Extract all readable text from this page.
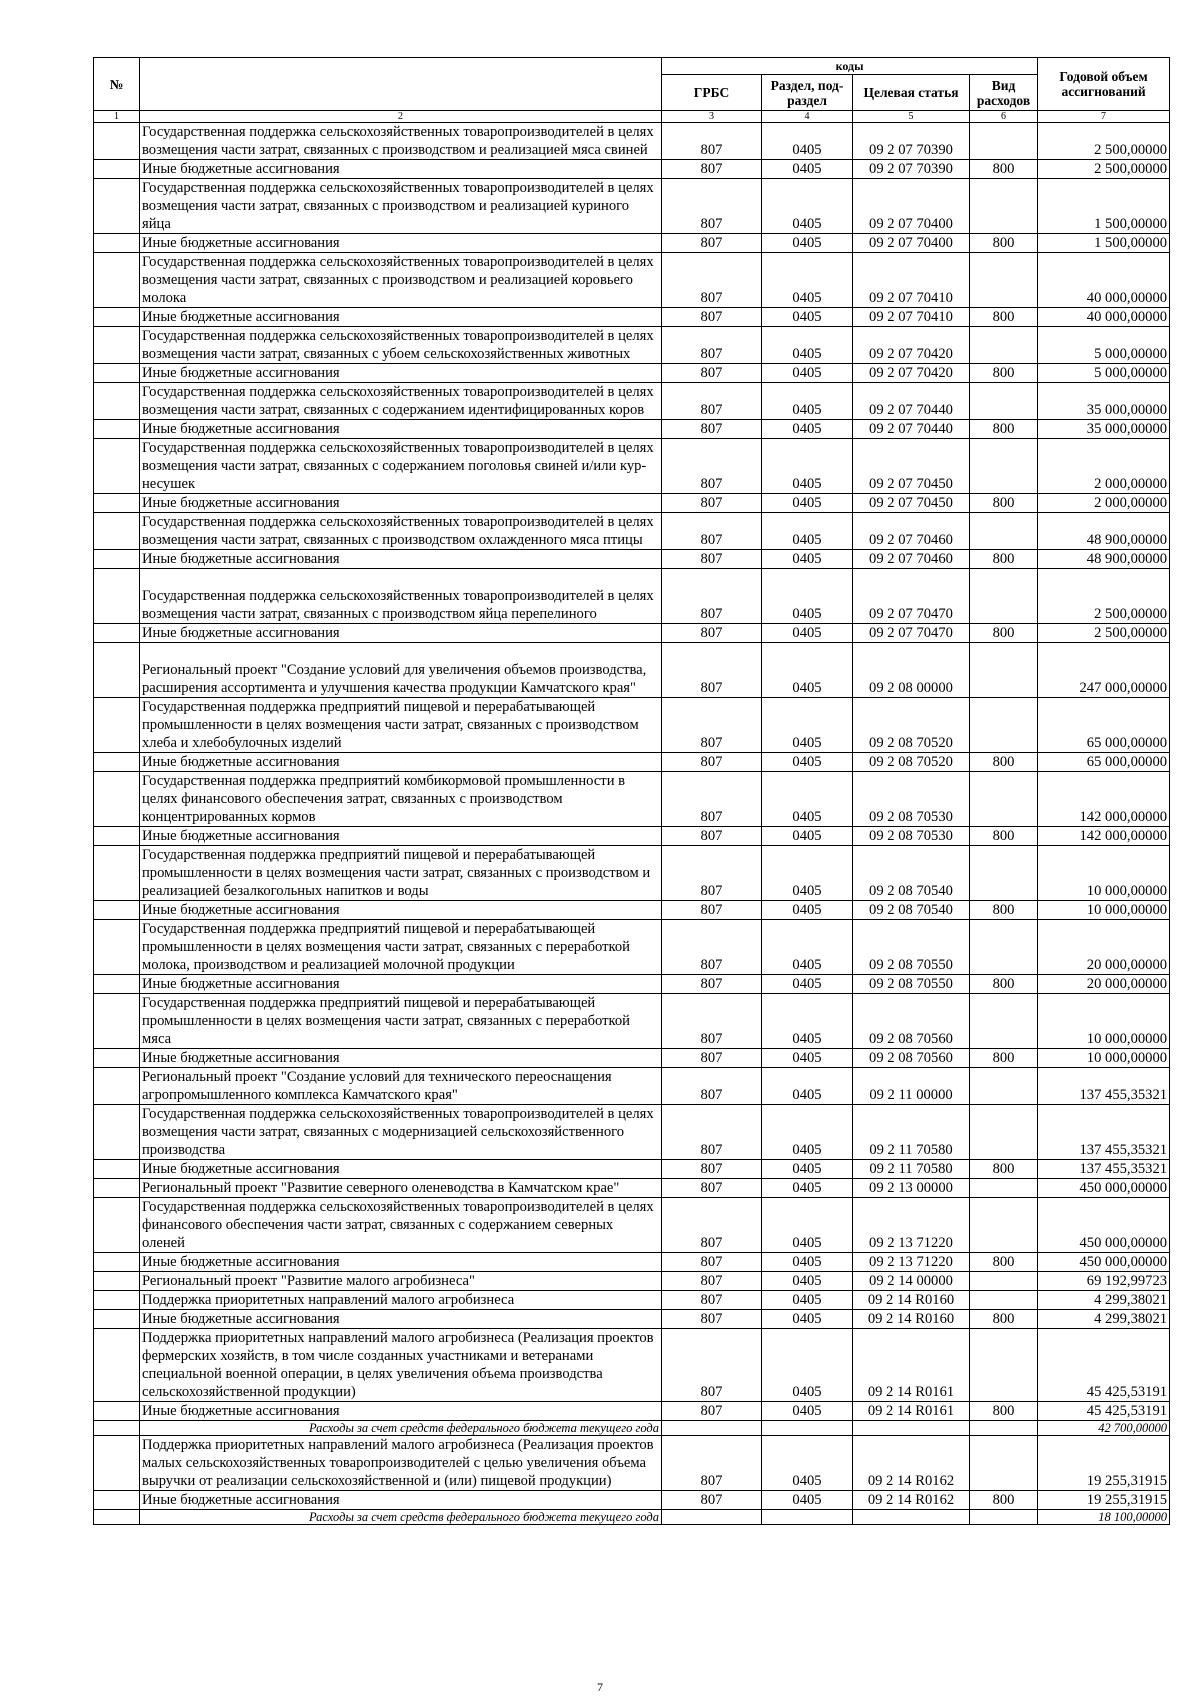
№		коды				Годовой объем ассигнований
		ГРБС	Раздел, под-раздел	Целевая статья	Вид расходов	
1	2	3	4	5	6	7
	Государственная поддержка сельскохозяйственных товаропроизводителей в целях возмещения части затрат, связанных с производством и реализацией мяса свиней	807	0405	09 2 07 70390		2 500,00000
	Иные бюджетные ассигнования	807	0405	09 2 07 70390	800	2 500,00000
	Государственная поддержка сельскохозяйственных товаропроизводителей в целях возмещения части затрат, связанных с производством и реализацией куриного яйца	807	0405	09 2 07 70400		1 500,00000
	Иные бюджетные ассигнования	807	0405	09 2 07 70400	800	1 500,00000
	Государственная поддержка сельскохозяйственных товаропроизводителей в целях возмещения части затрат, связанных с производством и реализацией коровьего молока	807	0405	09 2 07 70410		40 000,00000
	Иные бюджетные ассигнования	807	0405	09 2 07 70410	800	40 000,00000
	Государственная поддержка сельскохозяйственных товаропроизводителей в целях возмещения части затрат, связанных с убоем сельскохозяйственных животных	807	0405	09 2 07 70420		5 000,00000
	Иные бюджетные ассигнования	807	0405	09 2 07 70420	800	5 000,00000
	Государственная поддержка сельскохозяйственных товаропроизводителей в целях возмещения части затрат, связанных с содержанием идентифицированных коров	807	0405	09 2 07 70440		35 000,00000
	Иные бюджетные ассигнования	807	0405	09 2 07 70440	800	35 000,00000
	Государственная поддержка сельскохозяйственных товаропроизводителей в целях возмещения части затрат, связанных с содержанием поголовья свиней и/или кур-несушек	807	0405	09 2 07 70450		2 000,00000
	Иные бюджетные ассигнования	807	0405	09 2 07 70450	800	2 000,00000
	Государственная поддержка сельскохозяйственных товаропроизводителей в целях возмещения части затрат, связанных с производством охлажденного мяса птицы	807	0405	09 2 07 70460		48 900,00000
	Иные бюджетные ассигнования	807	0405	09 2 07 70460	800	48 900,00000
	Государственная поддержка сельскохозяйственных товаропроизводителей в целях возмещения части затрат, связанных с производством яйца перепелиного	807	0405	09 2 07 70470		2 500,00000
	Иные бюджетные ассигнования	807	0405	09 2 07 70470	800	2 500,00000
	Региональный проект "Создание условий для увеличения объемов производства, расширения ассортимента и улучшения качества продукции Камчатского края"	807	0405	09 2 08 00000		247 000,00000
	Государственная поддержка предприятий пищевой и перерабатывающей промышленности в целях возмещения части затрат, связанных с производством хлеба и хлебобулочных изделий	807	0405	09 2 08 70520		65 000,00000
	Иные бюджетные ассигнования	807	0405	09 2 08 70520	800	65 000,00000
	Государственная поддержка предприятий комбикормовой промышленности в целях финансового обеспечения затрат, связанных с производством концентрированных кормов	807	0405	09 2 08 70530		142 000,00000
	Иные бюджетные ассигнования	807	0405	09 2 08 70530	800	142 000,00000
	Государственная поддержка предприятий пищевой и перерабатывающей промышленности в целях возмещения части затрат, связанных с производством и реализацией безалкогольных напитков и воды	807	0405	09 2 08 70540		10 000,00000
	Иные бюджетные ассигнования	807	0405	09 2 08 70540	800	10 000,00000
	Государственная поддержка предприятий пищевой и перерабатывающей промышленности в целях возмещения части затрат, связанных с переработкой молока, производством и реализацией молочной продукции	807	0405	09 2 08 70550		20 000,00000
	Иные бюджетные ассигнования	807	0405	09 2 08 70550	800	20 000,00000
	Государственная поддержка предприятий пищевой и перерабатывающей промышленности в целях возмещения части затрат, связанных с переработкой мяса	807	0405	09 2 08 70560		10 000,00000
	Иные бюджетные ассигнования	807	0405	09 2 08 70560	800	10 000,00000
	Региональный проект "Создание условий для технического переоснащения агропромышленного комплекса Камчатского края"	807	0405	09 2 11 00000		137 455,35321
	Государственная поддержка сельскохозяйственных товаропроизводителей в целях возмещения части затрат, связанных с модернизацией сельскохозяйственного производства	807	0405	09 2 11 70580		137 455,35321
	Иные бюджетные ассигнования	807	0405	09 2 11 70580	800	137 455,35321
	Региональный проект "Развитие северного оленеводства в Камчатском крае"	807	0405	09 2 13 00000		450 000,00000
	Государственная поддержка сельскохозяйственных товаропроизводителей в целях финансового обеспечения части затрат, связанных с содержанием северных оленей	807	0405	09 2 13 71220		450 000,00000
	Иные бюджетные ассигнования	807	0405	09 2 13 71220	800	450 000,00000
	Региональный проект "Развитие малого агробизнеса"	807	0405	09 2 14 00000		69 192,99723
	Поддержка приоритетных направлений малого агробизнеса	807	0405	09 2 14 R0160		4 299,38021
	Иные бюджетные ассигнования	807	0405	09 2 14 R0160	800	4 299,38021
	Поддержка приоритетных направлений малого агробизнеса (Реализация проектов фермерских хозяйств, в том числе созданных участниками и ветеранами специальной военной операции, в целях увеличения объема производства сельскохозяйственной продукции)	807	0405	09 2 14 R0161		45 425,53191
	Иные бюджетные ассигнования	807	0405	09 2 14 R0161	800	45 425,53191
	Расходы за счет средств федерального бюджета текущего года					42 700,00000
	Поддержка приоритетных направлений малого агробизнеса (Реализация проектов малых сельскохозяйственных товаропроизводителей с целью увеличения объема выручки от реализации сельскохозяйственной и (или) пищевой продукции)	807	0405	09 2 14 R0162		19 255,31915
	Иные бюджетные ассигнования	807	0405	09 2 14 R0162	800	19 255,31915
	Расходы за счет средств федерального бюджета текущего года					18 100,00000
7
